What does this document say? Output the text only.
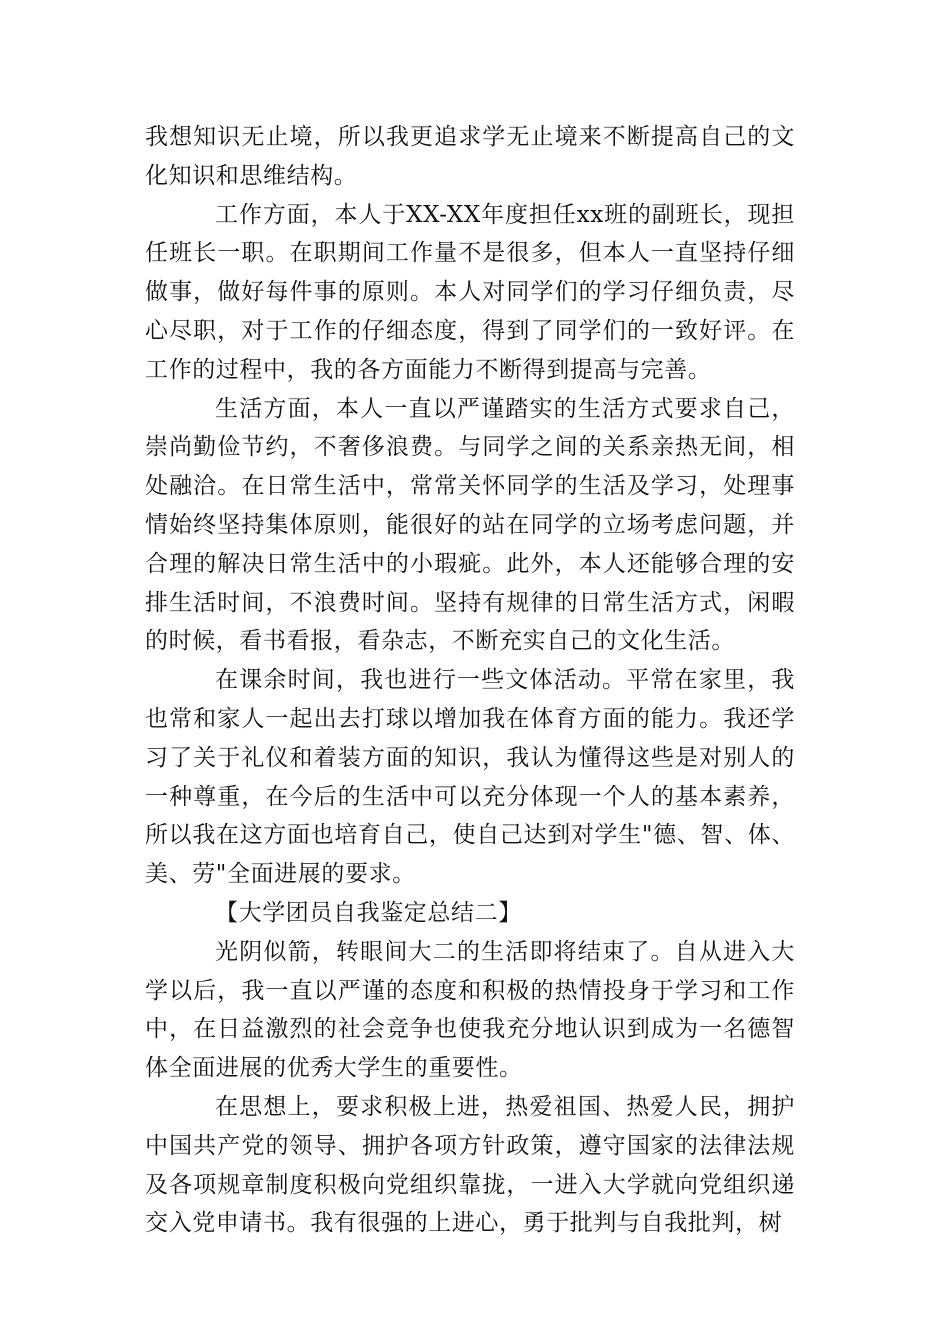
我想知识无止境，所以我更追求学无止境来不断提高自己的文化知识和思维结构。

工作方面，本人于XX-XX年度担任xx班的副班长，现担任班长一职。在职期间工作量不是很多，但本人一直坚持仔细做事，做好每件事的原则。本人对同学们的学习仔细负责，尽心尽职，对于工作的仔细态度，得到了同学们的一致好评。在工作的过程中，我的各方面能力不断得到提高与完善。

生活方面，本人一直以严谨踏实的生活方式要求自己，崇尚勤俭节约，不奢侈浪费。与同学之间的关系亲热无间，相处融洽。在日常生活中，常常关怀同学的生活及学习，处理事情始终坚持集体原则，能很好的站在同学的立场考虑问题，并合理的解决日常生活中的小瑕疵。此外，本人还能够合理的安排生活时间，不浪费时间。坚持有规律的日常生活方式，闲暇的时候，看书看报，看杂志，不断充实自己的文化生活。

在课余时间，我也进行一些文体活动。平常在家里，我也常和家人一起出去打球以增加我在体育方面的能力。我还学习了关于礼仪和着装方面的知识，我认为懂得这些是对别人的一种尊重，在今后的生活中可以充分体现一个人的基本素养，所以我在这方面也培育自己，使自己达到对学生"德、智、体、美、劳"全面进展的要求。

【大学团员自我鉴定总结二】

光阴似箭，转眼间大二的生活即将结束了。自从进入大学以后，我一直以严谨的态度和积极的热情投身于学习和工作中，在日益激烈的社会竞争也使我充分地认识到成为一名德智体全面进展的优秀大学生的重要性。

在思想上，要求积极上进，热爱祖国、热爱人民，拥护中国共产党的领导、拥护各项方针政策，遵守国家的法律法规及各项规章制度积极向党组织靠拢，一进入大学就向党组织递交入党申请书。我有很强的上进心，勇于批判与自我批判，树
